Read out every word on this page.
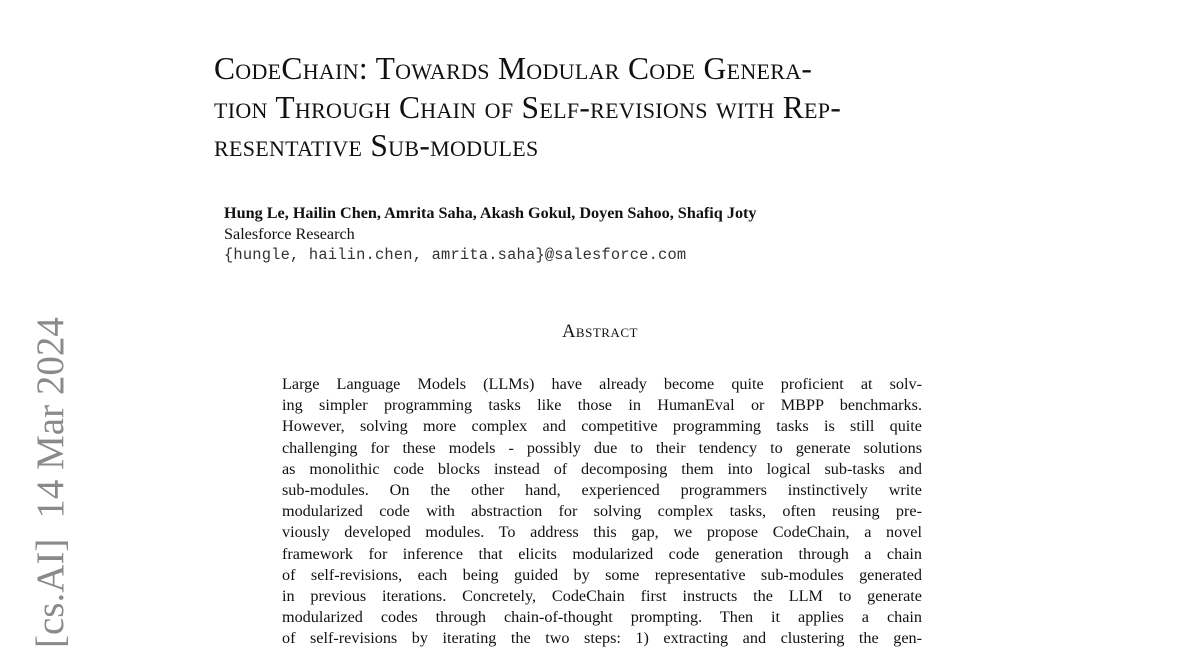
[cs.AI]14 Mar 2024
CodeChain: Towards Modular Code Genera-
tion Through Chain of Self-revisions with Rep-
resentative Sub-modules
Hung Le, Hailin Chen, Amrita Saha, Akash Gokul, Doyen Sahoo, Shafiq Joty
Salesforce Research
{hungle, hailin.chen, amrita.saha}@salesforce.com
Abstract
Large Language Models (LLMs) have already become quite proficient at solv-
ing simpler programming tasks like those in HumanEval or MBPP benchmarks.
However, solving more complex and competitive programming tasks is still quite
challenging for these models - possibly due to their tendency to generate solutions
as monolithic code blocks instead of decomposing them into logical sub-tasks and
sub-modules. On the other hand, experienced programmers instinctively write
modularized code with abstraction for solving complex tasks, often reusing pre-
viously developed modules. To address this gap, we propose CodeChain, a novel
framework for inference that elicits modularized code generation through a chain
of self-revisions, each being guided by some representative sub-modules generated
in previous iterations. Concretely, CodeChain first instructs the LLM to generate
modularized codes through chain-of-thought prompting. Then it applies a chain
of self-revisions by iterating the two steps: 1) extracting and clustering the gen-
